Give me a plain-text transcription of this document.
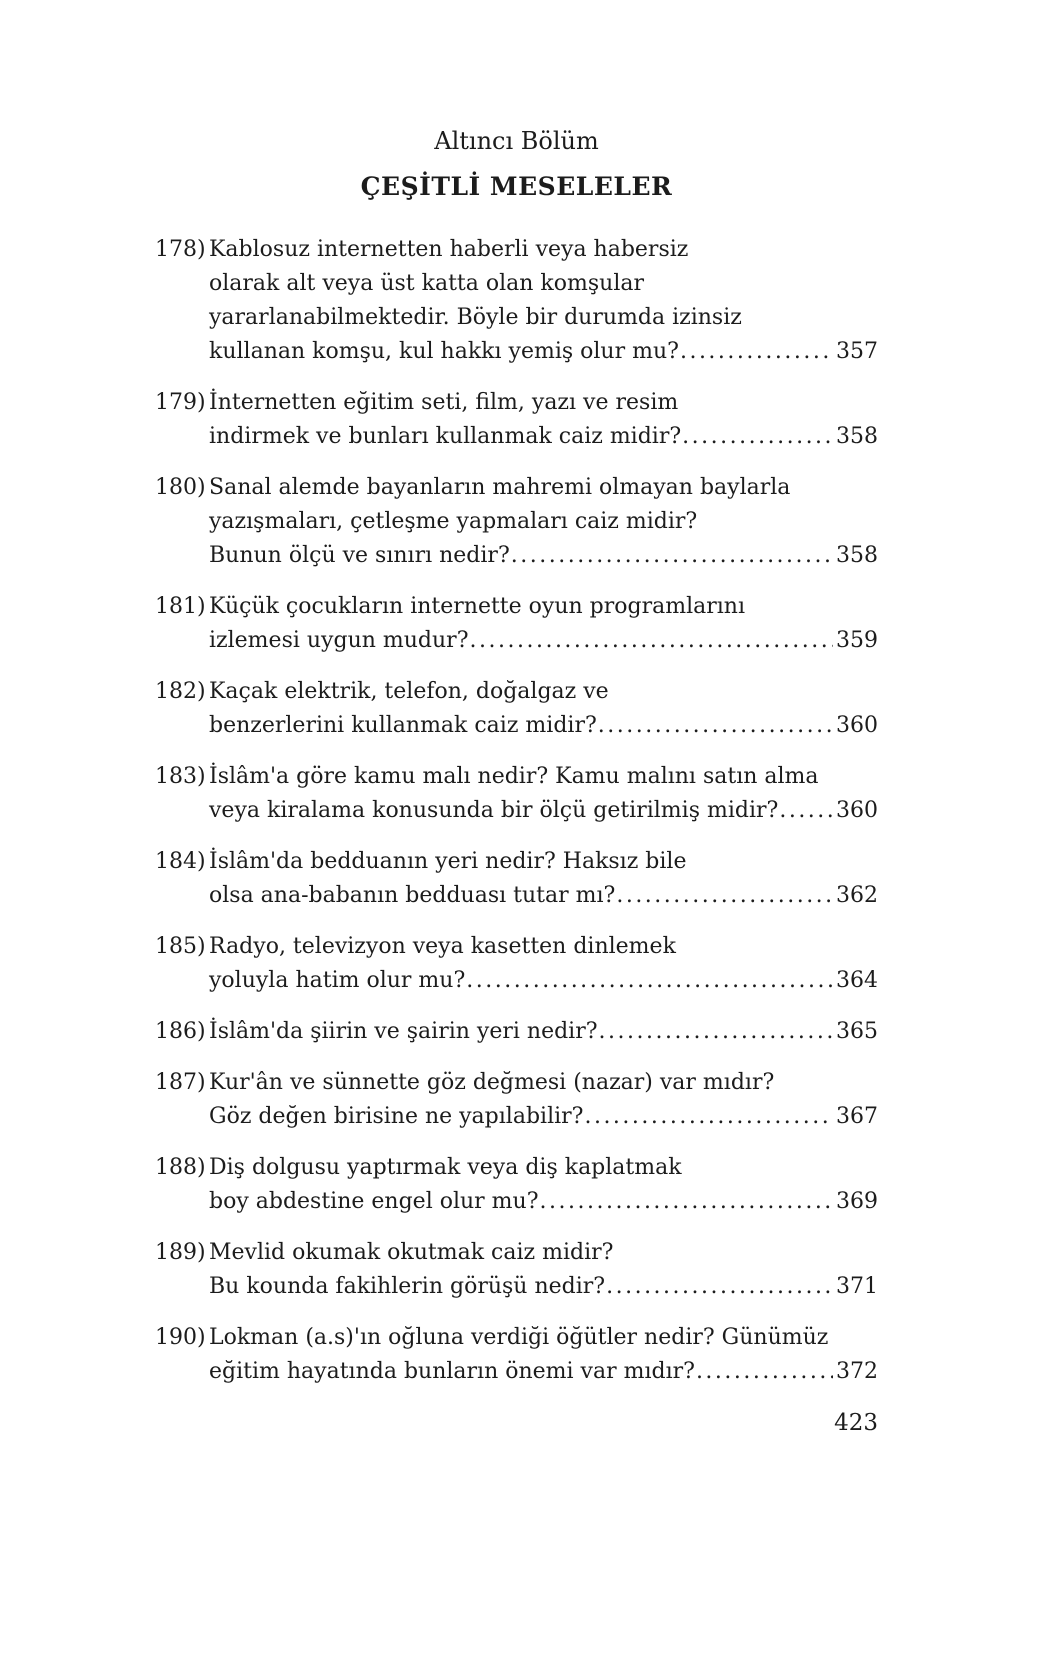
Altıncı Bölüm
ÇEŞİTLİ MESELELER
178) Kablosuz internetten haberli veya habersiz
olarak alt veya üst katta olan komşular
yararlanabilmektedir. Böyle bir durumda izinsiz
kullanan komşu, kul hakkı yemiş olur mu? .....	357
179) İnternetten eğitim seti, film, yazı ve resim
indirmek ve bunları kullanmak caiz midir? .....	358
180) Sanal alemde bayanların mahremi olmayan baylarla
yazışmaları, çetleşme yapmaları caiz midir?
Bunun ölçü ve sınırı nedir? .....	358
181) Küçük çocukların internette oyun programlarını
izlemesi uygun mudur? .....	359
182) Kaçak elektrik, telefon, doğalgaz ve
benzerlerini kullanmak caiz midir? .....	360
183) İslâm'a göre kamu malı nedir? Kamu malını satın alma
veya kiralama konusunda bir ölçü getirilmiş midir? .....	360
184) İslâm'da bedduanın yeri nedir? Haksız bile
olsa ana-babanın bedduası tutar mı? .....	362
185) Radyo, televizyon veya kasetten dinlemek
yoluyla hatim olur mu? .....	364
186) İslâm'da şiirin ve şairin yeri nedir? .....	365
187) Kur'ân ve sünnette göz değmesi (nazar) var mıdır?
Göz değen birisine ne yapılabilir? .....	367
188) Diş dolgusu yaptırmak veya diş kaplatmak
boy abdestine engel olur mu? .....	369
189) Mevlid okumak okutmak caiz midir?
Bu kounda fakihlerin görüşü nedir? .....	371
190) Lokman (a.s)'ın oğluna verdiği öğütler nedir? Günümüz
eğitim hayatında bunların önemi var mıdır? .....	372
423
